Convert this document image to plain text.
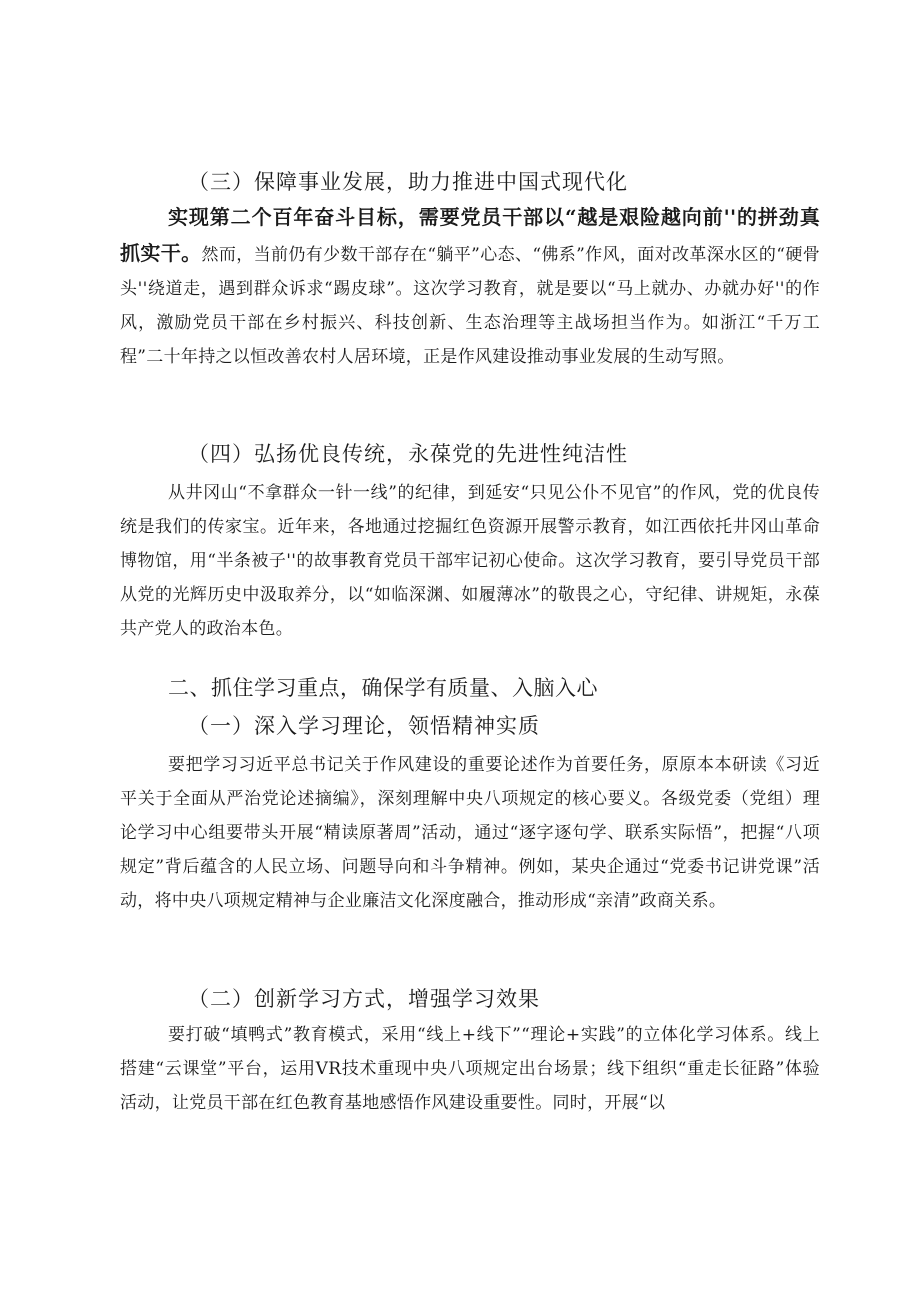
（三）保障事业发展，助力推进中国式现代化

实现第二个百年奋斗目标，需要党员干部以“越是艰险越向前''的拼劲真抓实干。然而，当前仍有少数干部存在“躺平”心态、“佛系”作风，面对改革深水区的“硬骨头''绕道走，遇到群众诉求“踢皮球”。这次学习教育，就是要以“马上就办、办就办好''的作风，激励党员干部在乡村振兴、科技创新、生态治理等主战场担当作为。如浙江“千万工程”二十年持之以恒改善农村人居环境，正是作风建设推动事业发展的生动写照。

（四）弘扬优良传统，永葆党的先进性纯洁性

从井冈山“不拿群众一针一线”的纪律，到延安“只见公仆不见官”的作风，党的优良传统是我们的传家宝。近年来，各地通过挖掘红色资源开展警示教育，如江西依托井冈山革命博物馆，用“半条被子''的故事教育党员干部牢记初心使命。这次学习教育，要引导党员干部从党的光辉历史中汲取养分，以“如临深渊、如履薄冰”的敬畏之心，守纪律、讲规矩，永葆共产党人的政治本色。

二、抓住学习重点，确保学有质量、入脑入心
（一）深入学习理论，领悟精神实质

要把学习习近平总书记关于作风建设的重要论述作为首要任务，原原本本研读《习近平关于全面从严治党论述摘编》，深刻理解中央八项规定的核心要义。各级党委（党组）理论学习中心组要带头开展“精读原著周”活动，通过“逐字逐句学、联系实际悟”，把握“八项规定”背后蕴含的人民立场、问题导向和斗争精神。例如，某央企通过“党委书记讲党课”活动，将中央八项规定精神与企业廉洁文化深度融合，推动形成“亲清”政商关系。

（二）创新学习方式，增强学习效果

要打破“填鸭式”教育模式，采用“线上+线下”“理论+实践”的立体化学习体系。线上搭建“云课堂”平台，运用VR技术重现中央八项规定出台场景；线下组织“重走长征路”体验活动，让党员干部在红色教育基地感悟作风建设重要性。同时，开展“以
